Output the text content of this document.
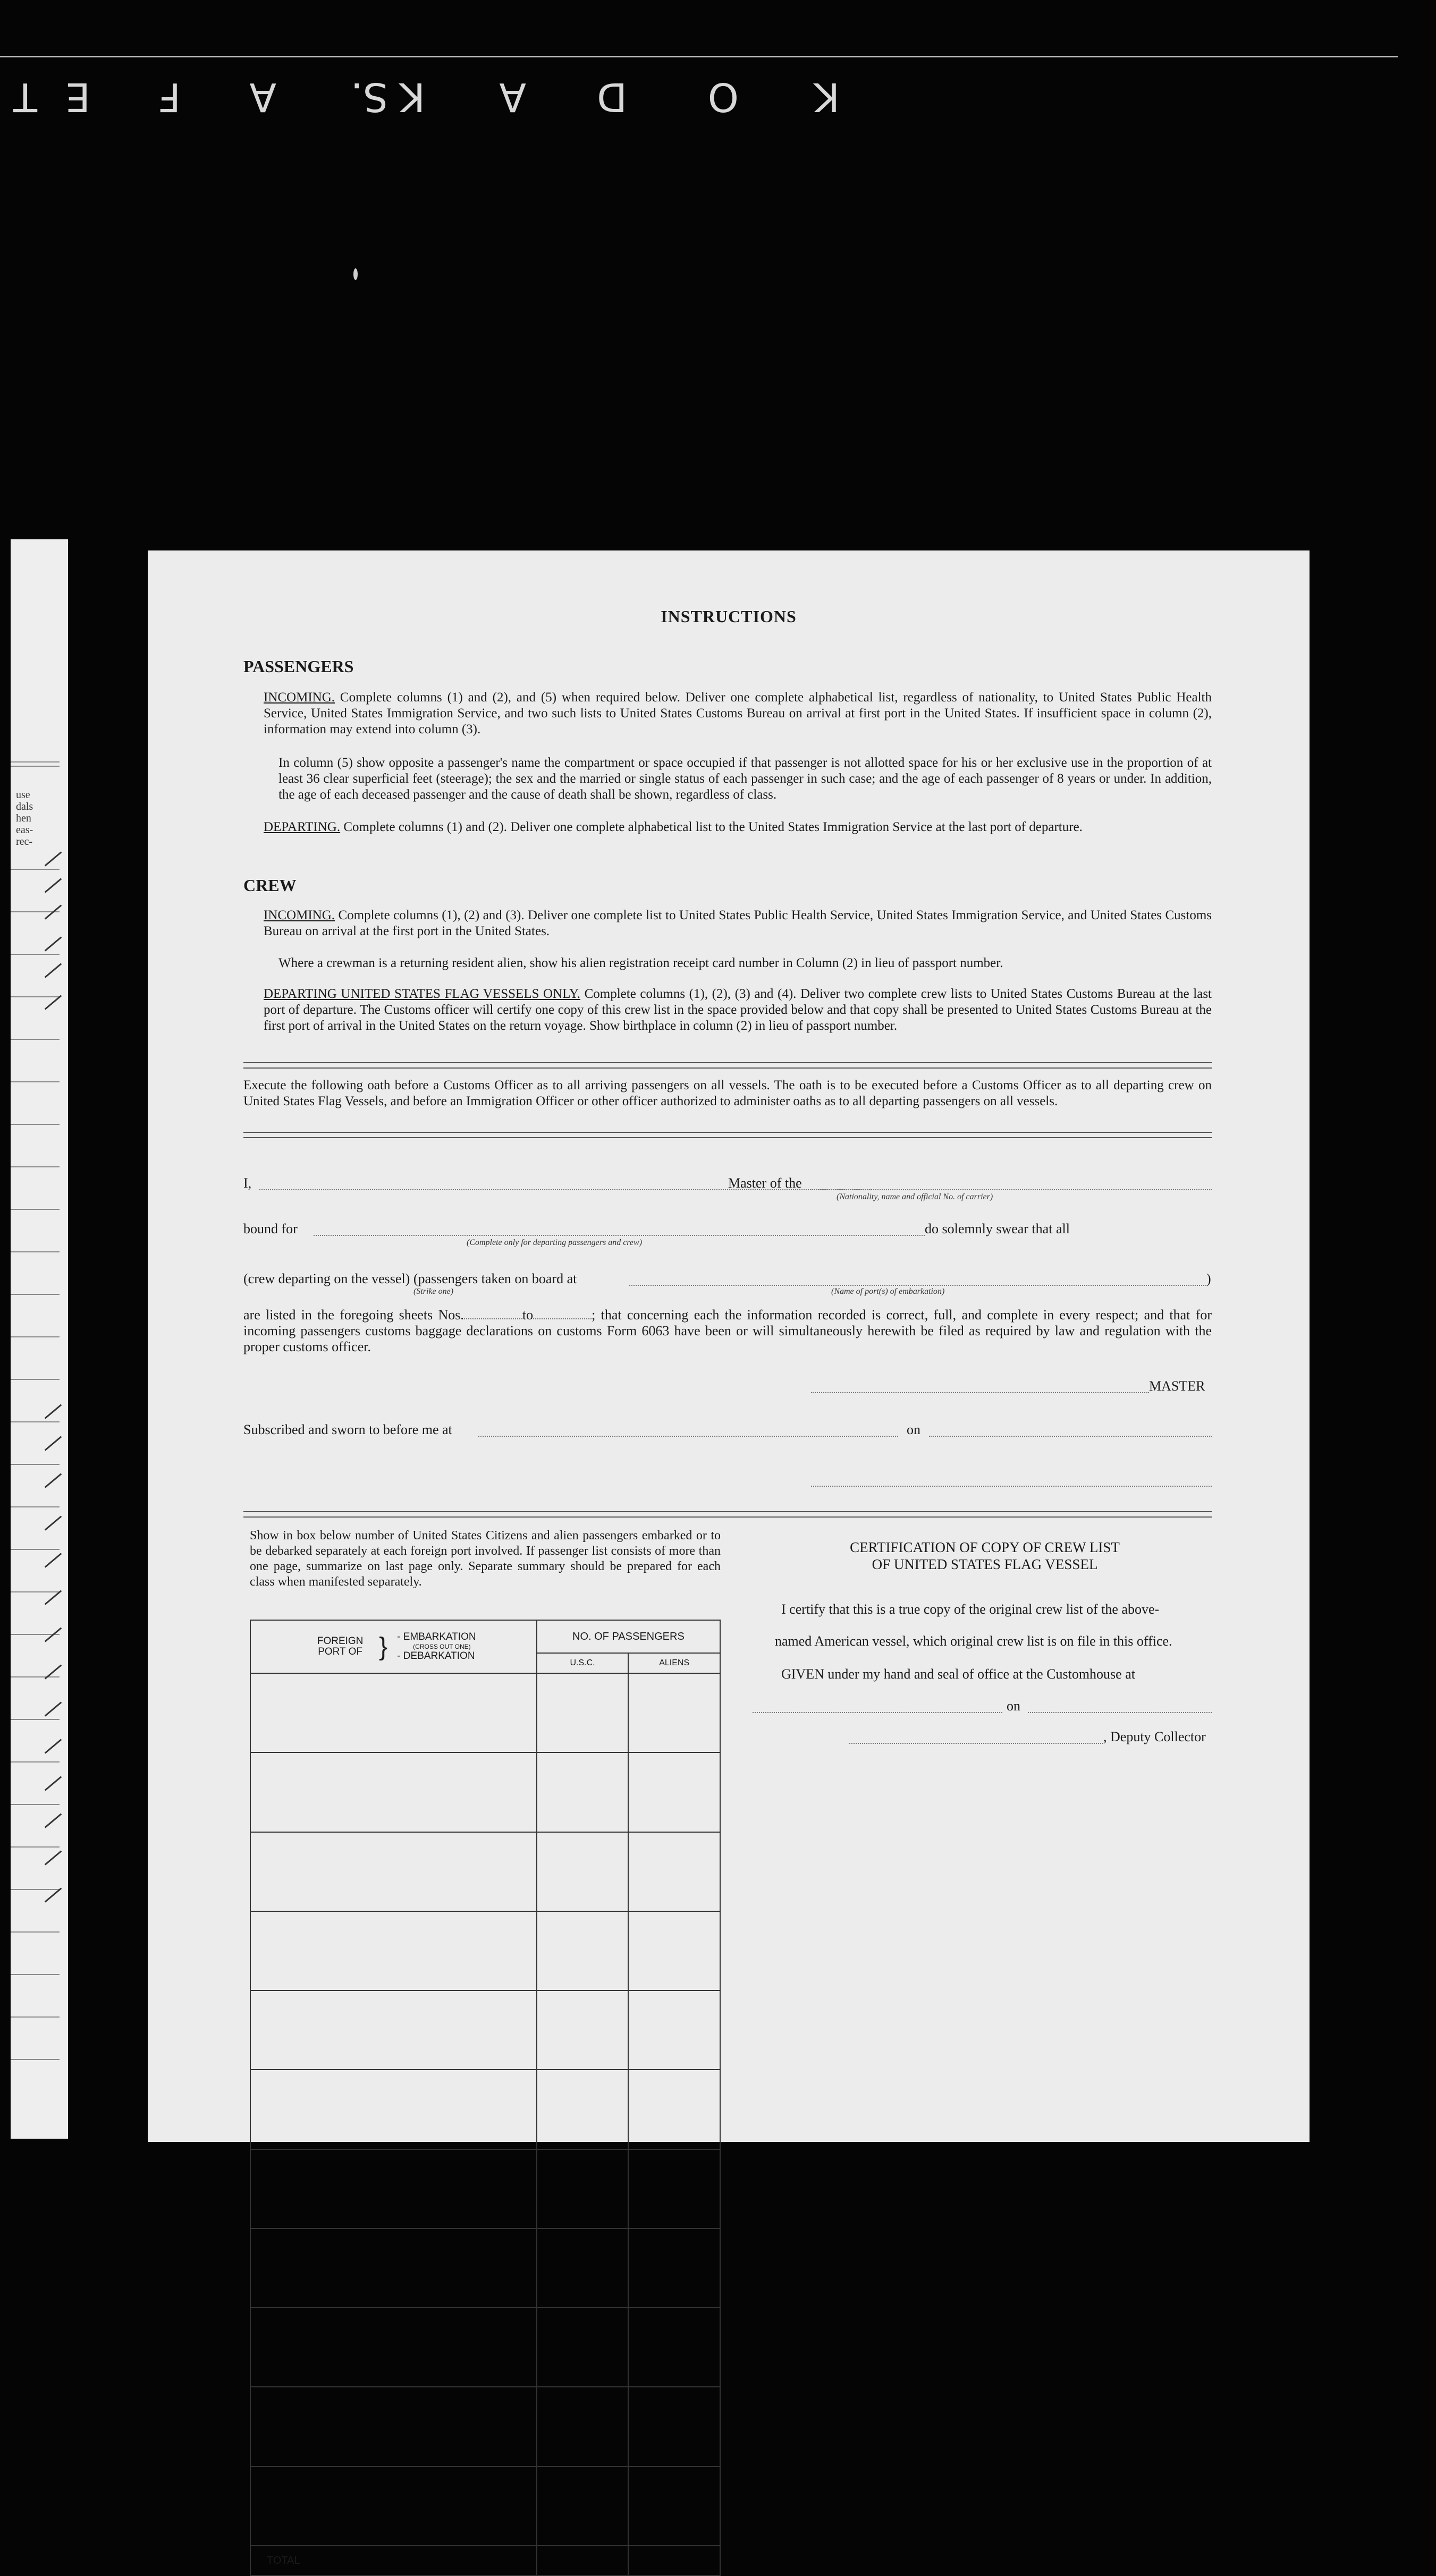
K
O
D
A
K
S.
A
F
E
T
use
dals
hen
eas-
rec-
INSTRUCTIONS
PASSENGERS
INCOMING. Complete columns (1) and (2), and (5) when required below. Deliver one complete alphabetical list, regardless of nationality, to United States Public Health Service, United States Immigration Service, and two such lists to United States Customs Bureau on arrival at first port in the United States. If insufficient space in column (2), information may extend into column (3).
In column (5) show opposite a passenger's name the compartment or space occupied if that passenger is not allotted space for his or her exclusive use in the proportion of at least 36 clear superficial feet (steerage); the sex and the married or single status of each passenger in such case; and the age of each passenger of 8 years or under. In addition, the age of each deceased passenger and the cause of death shall be shown, regardless of class.
DEPARTING. Complete columns (1) and (2). Deliver one complete alphabetical list to the United States Immigration Service at the last port of departure.
CREW
INCOMING. Complete columns (1), (2) and (3). Deliver one complete list to United States Public Health Service, United States Immigration Service, and United States Customs Bureau on arrival at the first port in the United States.
Where a crewman is a returning resident alien, show his alien registration receipt card number in Column (2) in lieu of passport number.
DEPARTING UNITED STATES FLAG VESSELS ONLY. Complete columns (1), (2), (3) and (4). Deliver two complete crew lists to United States Customs Bureau at the last port of departure. The Customs officer will certify one copy of this crew list in the space provided below and that copy shall be presented to United States Customs Bureau at the first port of arrival in the United States on the return voyage. Show birthplace in column (2) in lieu of passport number.
Execute the following oath before a Customs Officer as to all arriving passengers on all vessels. The oath is to be executed before a Customs Officer as to all departing crew on United States Flag Vessels, and before an Immigration Officer or other officer authorized to administer oaths as to all departing passengers on all vessels.
I,	Master of the
(Nationality, name and official No. of carrier)
bound for
(Complete only for departing passengers and crew)
do solemnly swear that all
(crew departing on the vessel) (passengers taken on board at	)
(Strike one)	(Name of port(s) of embarkation)
are listed in the foregoing sheets Nos.	to	; that concerning each the information recorded is correct, full, and complete in every respect; and that for incoming passengers customs baggage declarations on customs Form 6063 have been or will simultaneously herewith be filed as required by law and regulation with the proper customs officer.
MASTER
Subscribed and sworn to before me at	on
Show in box below number of United States Citizens and alien passengers embarked or to be debarked separately at each foreign port involved. If passenger list consists of more than one page, summarize on last page only. Separate summary should be prepared for each class when manifested separately.
FOREIGN PORT OF } - EMBARKATION
(CROSS OUT ONE)
- DEBARKATION	NO. OF PASSENGERS	
	U.S.C.	ALIENS

TOTAL		
CERTIFICATION OF COPY OF CREW LIST
OF UNITED STATES FLAG VESSEL
I certify that this is a true copy of the original crew list of the above-
named American vessel, which original crew list is on file in this office.
GIVEN under my hand and seal of office at the Customhouse at
on
, Deputy Collector
